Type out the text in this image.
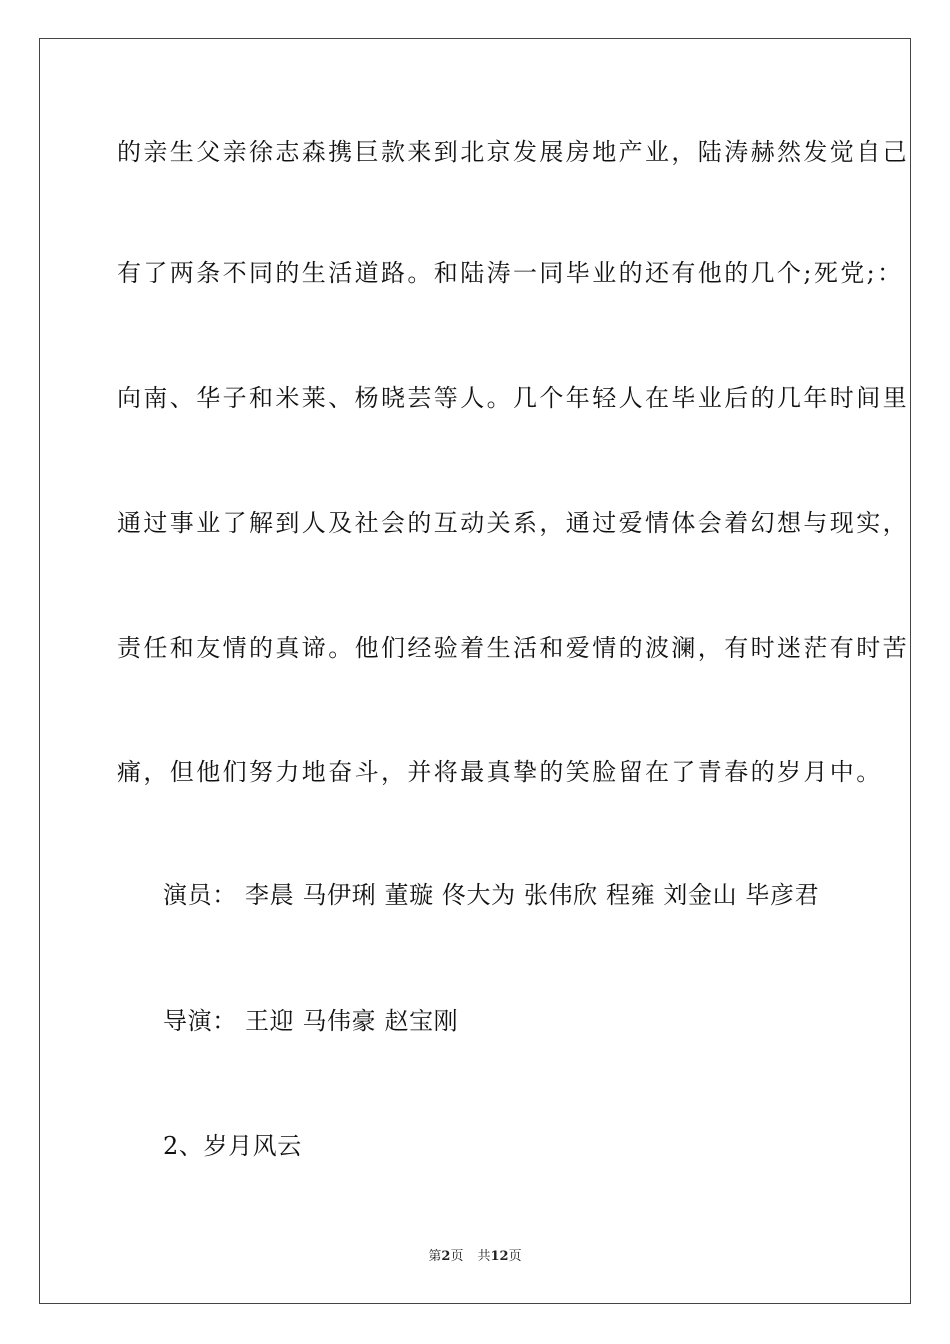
的亲生父亲徐志森携巨款来到北京发展房地产业，陆涛赫然发觉自己
有了两条不同的生活道路。和陆涛一同毕业的还有他的几个;死党;：
向南、华子和米莱、杨晓芸等人。几个年轻人在毕业后的几年时间里
通过事业了解到人及社会的互动关系，通过爱情体会着幻想与现实，
责任和友情的真谛。他们经验着生活和爱情的波澜，有时迷茫有时苦
痛，但他们努力地奋斗，并将最真挚的笑脸留在了青春的岁月中。
演员： 李晨 马伊琍 董璇 佟大为 张伟欣 程雍 刘金山 毕彦君
导演： 王迎 马伟豪 赵宝刚
2、岁月风云
第2页 共12页
